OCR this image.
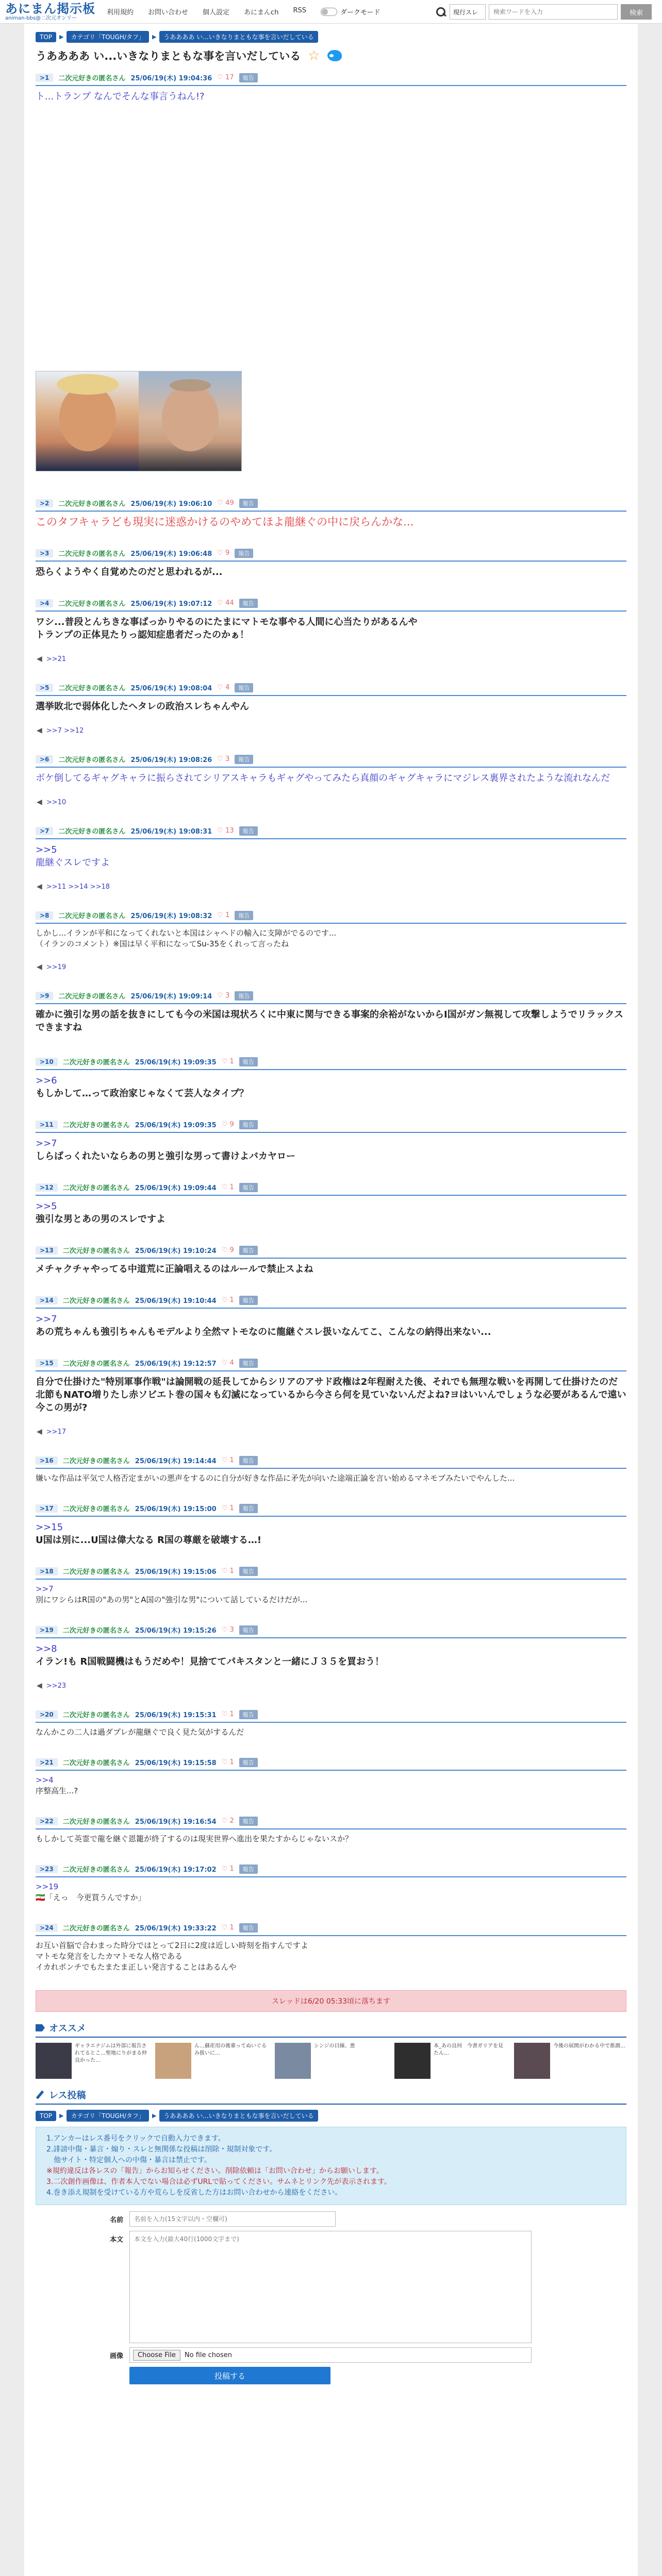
あにまん掲示板
animan-bbs@二次元オンリー
利用規約 お問い合わせ 個人設定 あにまんch RSS	ダークモード	現行スレ
検索ワードを入力	検索
TOP	▶	カテゴリ「TOUGH/タフ」	▶	うああああ い...いきなりまともな事を言いだしている
うああああ い...いきなりまともな事を言いだしている ☆
>1	二次元好きの匿名さん 25/06/19(木) 19:04:36 ♡ 17	報告
ト...トランプ なんでそんな事言うねん!?
>2	二次元好きの匿名さん 25/06/19(木) 19:06:10 ♡ 49	報告
このタフキャラども現実に迷惑かけるのやめてほよ龍継ぐの中に戻らんかな...
>3	二次元好きの匿名さん 25/06/19(木) 19:06:48 ♡ 9	報告
恐らくようやく自覚めたのだと思われるが...
>4	二次元好きの匿名さん 25/06/19(木) 19:07:12 ♡ 44	報告
ワシ...普段とんちきな事ばっかりやるのにたまにマトモな事やる人間に心当たりがあるんや
トランプの正体見たりっ認知症患者だったのかぁ！
◀ >>21
>5	二次元好きの匿名さん 25/06/19(木) 19:08:04 ♡ 4	報告
選挙敗北で弱体化したヘタレの政治スレちゃんやん
◀ >>7 >>12
>6	二次元好きの匿名さん 25/06/19(木) 19:08:26 ♡ 3	報告
ボケ倒してるギャグキャラに振らされてシリアスキャラもギャグやってみたら真顔のギャグキャラにマジレス裏界されたような流れなんだ
◀ >>10
>7	二次元好きの匿名さん 25/06/19(木) 19:08:31 ♡ 13	報告
>>5
龍継ぐスレですよ
◀ >>11 >>14 >>18
>8	二次元好きの匿名さん 25/06/19(木) 19:08:32 ♡ 1	報告
しかし...イランが平和になってくれないと本国はシャヘドの輸入に支障がでるのです...
（イランのコメント）※国は早く平和になってSu-35をくれって言ったね
◀ >>19
>9	二次元好きの匿名さん 25/06/19(木) 19:09:14 ♡ 3	報告
確かに強引な男の話を抜きにしても今の米国は現状ろくに中東に関与できる事案的余裕がないからI国がガン無視して攻撃しようでリラックスできますね
>10	二次元好きの匿名さん 25/06/19(木) 19:09:35 ♡ 1	報告
>>6
もしかして…って政治家じゃなくて芸人なタイプ？
>11	二次元好きの匿名さん 25/06/19(木) 19:09:35 ♡ 9	報告
>>7
しらばっくれたいならあの男と強引な男って書けよバカヤロー
>12	二次元好きの匿名さん 25/06/19(木) 19:09:44 ♡ 1	報告
>>5
強引な男とあの男のスレですよ
>13	二次元好きの匿名さん 25/06/19(木) 19:10:24 ♡ 9	報告
メチャクチャやってる中道荒に正論唱えるのはルールで禁止スよね
>14	二次元好きの匿名さん 25/06/19(木) 19:10:44 ♡ 1	報告
>>7
あの荒ちゃんも強引ちゃんもモデルより全然マトモなのに龍継ぐスレ扱いなんてこ、こんなの納得出来ない...
>15	二次元好きの匿名さん 25/06/19(木) 19:12:57 ♡ 4	報告
自分で仕掛けた"特別軍事作戦"は論開戦の延長してからシリアのアサド政権は2年程耐えた後、それでも無理な戦いを再開して仕掛けたのだ
北節もNATO増りたし赤ソビエト巻の国々も幻滅になっているから今さら何を見ていないんだよね?ヨはいいんでしょうな必要があるんで遠い今この男が?
◀ >>17
>16	二次元好きの匿名さん 25/06/19(木) 19:14:44 ♡ 1	報告
嫌いな作品は平気で人格否定まがいの悪声をするのに自分が好きな作品に矛先が向いた途端正論を言い始めるマネモブみたいでやんした...
>17	二次元好きの匿名さん 25/06/19(木) 19:15:00 ♡ 1	報告
>>15
U国は別に...U国は偉大なる R国の尊厳を破壊する…!
>18	二次元好きの匿名さん 25/06/19(木) 19:15:06 ♡ 1	報告
>>7
別にワシらはR国の"あの男"とA国の"強引な男"について話しているだけだが...
>19	二次元好きの匿名さん 25/06/19(木) 19:15:26 ♡ 3	報告
>>8
イラン!も R国戦闘機はもうだめや！見捨ててパキスタンと一緒にＪ３５を買おう！
◀ >>23
>20	二次元好きの匿名さん 25/06/19(木) 19:15:31 ♡ 1	報告
なんかこの二人は過ダプレが龍継ぐで良く見た気がするんだ
>21	二次元好きの匿名さん 25/06/19(木) 19:15:58 ♡ 1	報告
>>4
序整高生...?
>22	二次元好きの匿名さん 25/06/19(木) 19:16:54 ♡ 2	報告
もしかして英霊で龍を継ぐ恩籠が終了するのは現実世界へ進出を果たすからじゃないスか？
>23	二次元好きの匿名さん 25/06/19(木) 19:17:02 ♡ 1	報告
>>19
🇮🇷「えっ　今更買うんですか」
>24	二次元好きの匿名さん 25/06/19(木) 19:33:22 ♡ 1	報告
お互い首脳で合わまった時分ではとって2日に2度は近しい時刻を指すんですよ
マトモな発言をしたカマトモな人格である
イカれポンチでもたまたま正しい発言することはあるんや
スレッドは6/20 05:33頃に落ちます
オススメ
ギャラエナジムは外部に報告されてるとこ…聖地にりがまる仲良かった…
ん…蘇産用の後輩ってぬいぐるみ扱いに…
シンジの目線、悪	本_あの良何　今書ガリアを見たん…
今後の展開がわかる中で推測…
レス投稿
TOP	▶	カテゴリ「TOUGH/タフ」	▶	うああああ い...いきなりまともな事を言いだしている
1.アンカーはレス番号をクリックで自動入力できます。
2.誹謗中傷・暴言・煽り・スレと無関係な投稿は削除・規制対象です。
他サイト・特定個人への中傷・暴言は禁止です。
※規約違反は各レスの「報告」からお知らせください。削除依頼は「お問い合わせ」からお願いします。
3.二次創作画像は、作者本人でない場合は必ずURLで貼ってください。サムネとリンク先が表示されます。
4.巻き添え規制を受けている方や荒らしを反省した方はお問い合わせから連絡をください。
名前
名前を入力(15文字以内・空欄可)
本文
本文を入力(最大40行(1000文字まで)
画像	Choose File	No file chosen
投稿する
